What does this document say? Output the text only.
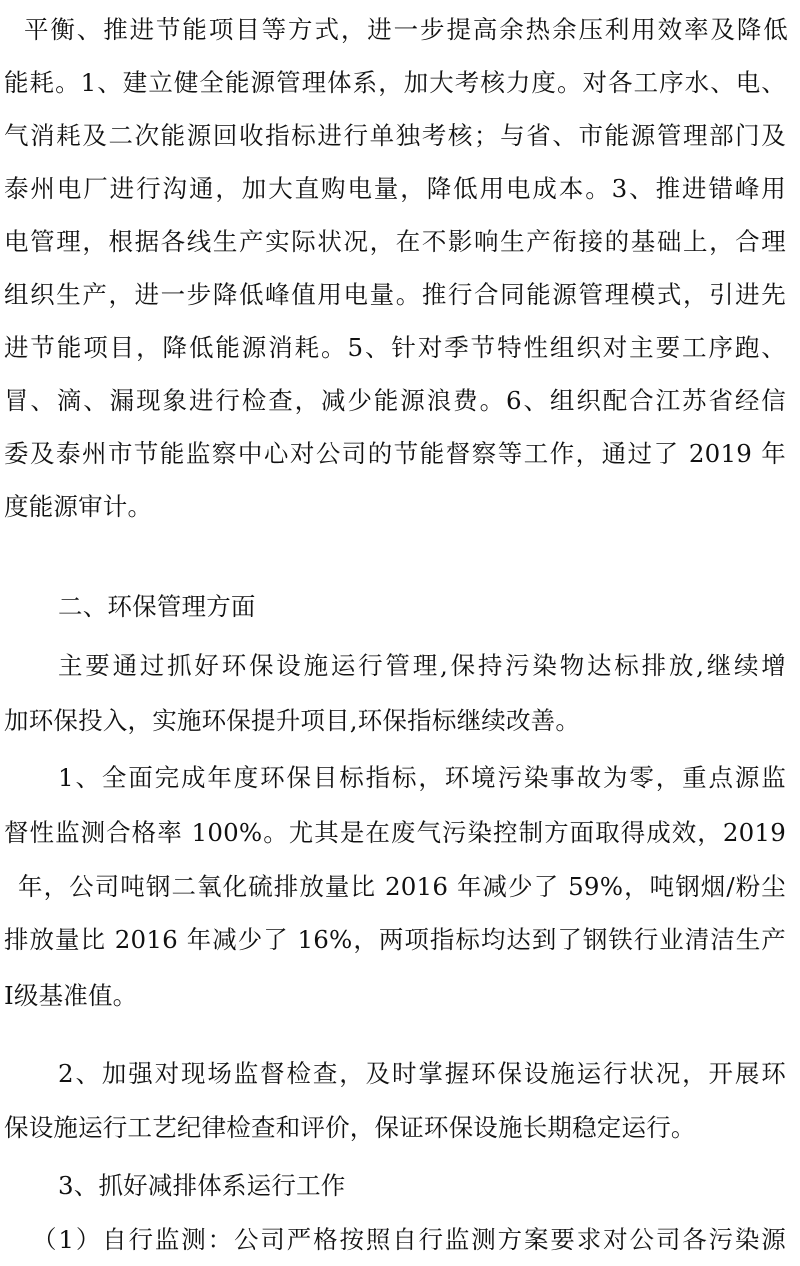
平衡、推进节能项目等方式，进一步提高余热余压利用效率及降低
能耗。1、建立健全能源管理体系，加大考核力度。对各工序水、电、
气消耗及二次能源回收指标进行单独考核；与省、市能源管理部门及
泰州电厂进行沟通，加大直购电量，降低用电成本。3、推进错峰用
电管理，根据各线生产实际状况，在不影响生产衔接的基础上，合理
组织生产，进一步降低峰值用电量。推行合同能源管理模式，引进先
进节能项目，降低能源消耗。5、针对季节特性组织对主要工序跑、
冒、滴、漏现象进行检查，减少能源浪费。6、组织配合江苏省经信
委及泰州市节能监察中心对公司的节能督察等工作，通过了 2019 年
度能源审计。
二、环保管理方面
主要通过抓好环保设施运行管理,保持污染物达标排放,继续增
加环保投入，实施环保提升项目,环保指标继续改善。
1、全面完成年度环保目标指标，环境污染事故为零，重点源监
督性监测合格率 100%。尤其是在废气污染控制方面取得成效，2019
年，公司吨钢二氧化硫排放量比 2016 年减少了 59%，吨钢烟/粉尘
排放量比 2016 年减少了 16%，两项指标均达到了钢铁行业清洁生产
Ⅰ级基准值。
2、加强对现场监督检查，及时掌握环保设施运行状况，开展环
保设施运行工艺纪律检查和评价，保证环保设施长期稳定运行。
3、抓好减排体系运行工作
（1）自行监测：公司严格按照自行监测方案要求对公司各污染源
